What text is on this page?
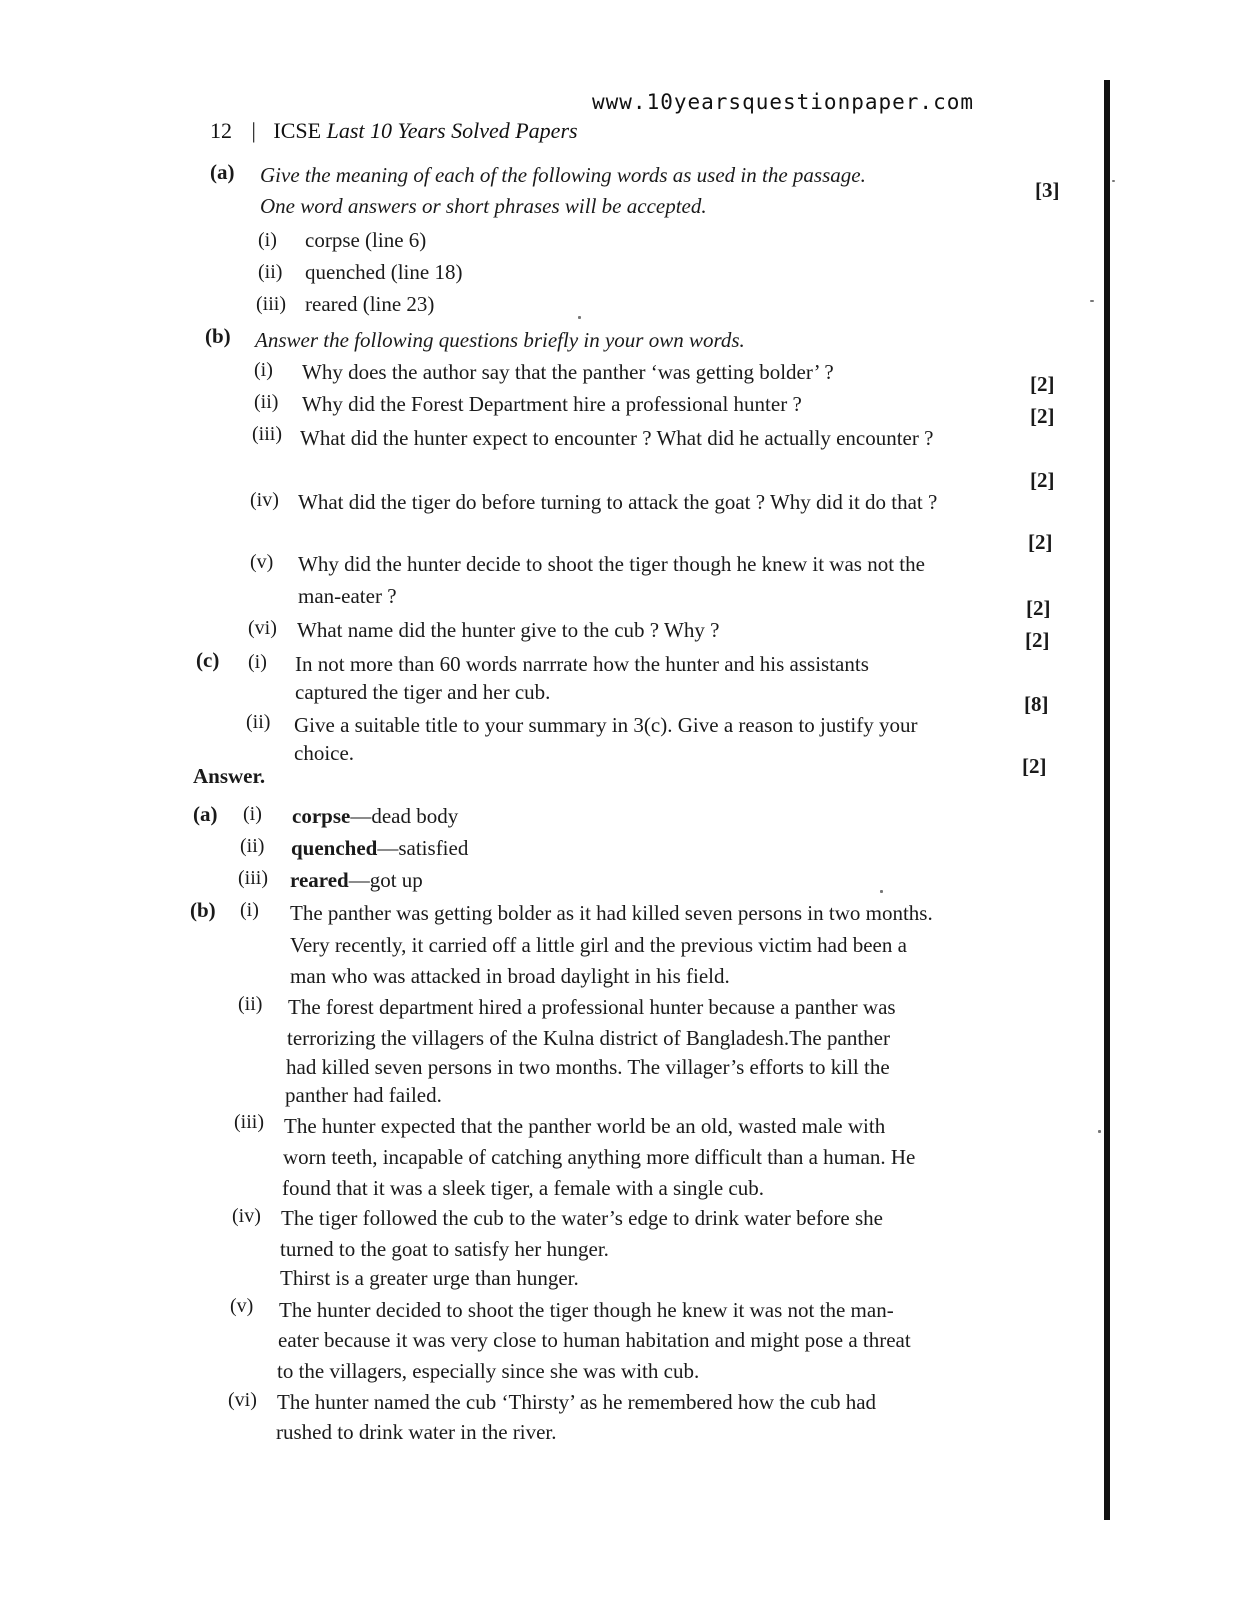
www.10yearsquestionpaper.com
12 | ICSE Last 10 Years Solved Papers
(a) Give the meaning of each of the following words as used in the passage.
[3]
One word answers or short phrases will be accepted.
(i) corpse (line 6)
(ii) quenched (line 18)
(iii) reared (line 23)
(b) Answer the following questions briefly in your own words.
(i) Why does the author say that the panther ‘was getting bolder’ ?	[2]
(ii) Why did the Forest Department hire a professional hunter ?	[2]
(iii) What did the hunter expect to encounter ? What did he actually encounter ?
[2]
(iv) What did the tiger do before turning to attack the goat ? Why did it do that ?
[2]
(v) Why did the hunter decide to shoot the tiger though he knew it was not the
man-eater ?	[2]
(vi) What name did the hunter give to the cub ? Why ?	[2]
(c) (i) In not more than 60 words narrrate how the hunter and his assistants
captured the tiger and her cub.	[8]
(ii) Give a suitable title to your summary in 3(c). Give a reason to justify your
choice.
[2]
Answer.
(a) (i) corpse—dead body
(ii) quenched—satisfied
(iii) reared—got up
(b) (i) The panther was getting bolder as it had killed seven persons in two months.
Very recently, it carried off a little girl and the previous victim had been a
man who was attacked in broad daylight in his field.
(ii) The forest department hired a professional hunter because a panther was
terrorizing the villagers of the Kulna district of Bangladesh.The panther
had killed seven persons in two months. The villager’s efforts to kill the
panther had failed.
(iii) The hunter expected that the panther world be an old, wasted male with
worn teeth, incapable of catching anything more difficult than a human. He
found that it was a sleek tiger, a female with a single cub.
(iv) The tiger followed the cub to the water’s edge to drink water before she
turned to the goat to satisfy her hunger.
Thirst is a greater urge than hunger.
(v) The hunter decided to shoot the tiger though he knew it was not the man-
eater because it was very close to human habitation and might pose a threat
to the villagers, especially since she was with cub.
(vi) The hunter named the cub ‘Thirsty’ as he remembered how the cub had
rushed to drink water in the river.
